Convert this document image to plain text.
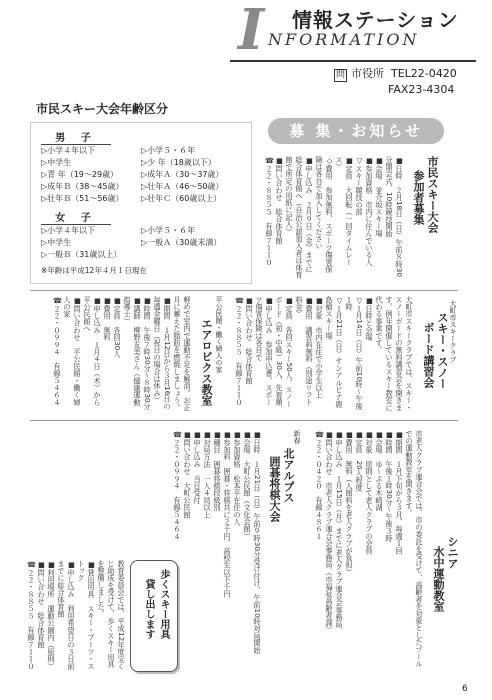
I 情報ステーション
NFORMATION
問 市役所 TEL22-0420
FAX23-4304
市民スキー大会年齢区分
男 子
▷小学４年以下	▷小学５・６年
▷中学生	▷少 年（18歳以下）
▷青 年（19〜29歳）	▷成年Ａ（30〜37歳）
▷成年Ｂ（38〜45歳） ▷壮年Ａ（46〜50歳）
▷壮年Ｂ（51〜56歳） ▷壮年Ｃ（60歳以上）
女 子
▷小学４年以下	▷小学５・６年
▷中学生	▷一般Ａ（30歳未満）
▷一般Ｂ（31歳以上）
※年齢は平成12年４月１日現在
募 集・お知らせ
市民スキー大会
参加者募集
■日時　２月18日（日）午前８時30分開会式、10時競技開始
■会場　並介坂スキー場
■参加資格　市内に住んでいる人
▽スキー競技の部
■定員　大回転（一回タイムレース）
◇費用　参加無料、スポーツ傷害保険は各自で加入してください
■申し込み　２月９日（金）までに総合体育館へ（自治公認加入者は体育館で所定の用紙に記入）
■問い合わせ　総合体育館
☎２２・８８５５　有線７１１０
大町市スキークラブ
スキー・スノー
ボード講習会
大町市スキークラブでは、スキー・スノーボードの無料講習会を開きます。例年開催しているスキー教室に代わる事業です。
■日時と会場
▽１月14日（日）午前10時〜午後１時
▽１月21日（日）サンアルピナ鹿島槍スキー場
■対象　市内在住で小学生以上
■費用　講習料無料（別途リフト料金）
■定員　各回スキー50人、スノーボード（初・中級）30人、先着順
■申し込み　参加申込書、スポーツ傷害保険は各自で
■問い合わせ　総合体育館
☎２２・８８５５　有線７１１０
平公民館・働く婦人の家
エアロビクス教室
軽めで室内で運動不足を解消。お正月に蓄えた脂肪を燃焼しましょう。
■期間　１月12日から３月16日の毎週金曜日（祝日の場合は休み）
■時間　午後７時30分〜８時30分
■講師　柳野友美さん（健康運動指導士）
■定員　各回30人
■費用　無料
■申し込み　１月４日（木）から平公民館へ
■問い合わせ　平公民館・働く婦人の家
☎２２・０９９４　有線５４６４
シニア
水中運動教室
市老人クラブ連合会では、市の委託を受けて、高齢者を対象としたプールでの運動教室を開きます。
■期間　１月下旬から３月、毎週１回
■時間　午後１時30分〜午後３時
■会場　ゆ〜ぷる木崎湖
■対象　原則として老人クラブの会員
■定員　20人程度
■費用　無料（入館料を老人クラブが負担）
■申し込み　１月15日（月）までに老人クラブ連合会事務局
■問い合わせ　市老人クラブ連合会事務局（市福祉高齢者課）
☎２２・０４２０　有線４８６１
新春
北アルプス
囲碁将棋大会
■日時　１月21日（日）午前９時30分受け付け、午前10時対局開始
■会場　大町公民館（文化会館）
■参加資格　松本平在住の人
■参加料　囲碁・将棋共に２千円、高校生以下千円
■種目　囲碁将棋段級別
■対局方法　一人４局以上
■申し込み　当日受付
■問い合わせ　大町公民館
☎２２・０９９４　有線５４６４
歩くスキー用具
貸し出します
教育委員会では、平成12年度宝くじ助成を受けて、歩くスキー用具を整備しました。
■貸出用具　スキー・ブーツ・ストック
■申し込み　利用希望日の３日前までに総合体育館
■利用場所　運動公園内（原則）
■問い合わせ　総合体育館
☎２２・８８５５　有線７１１０
6
